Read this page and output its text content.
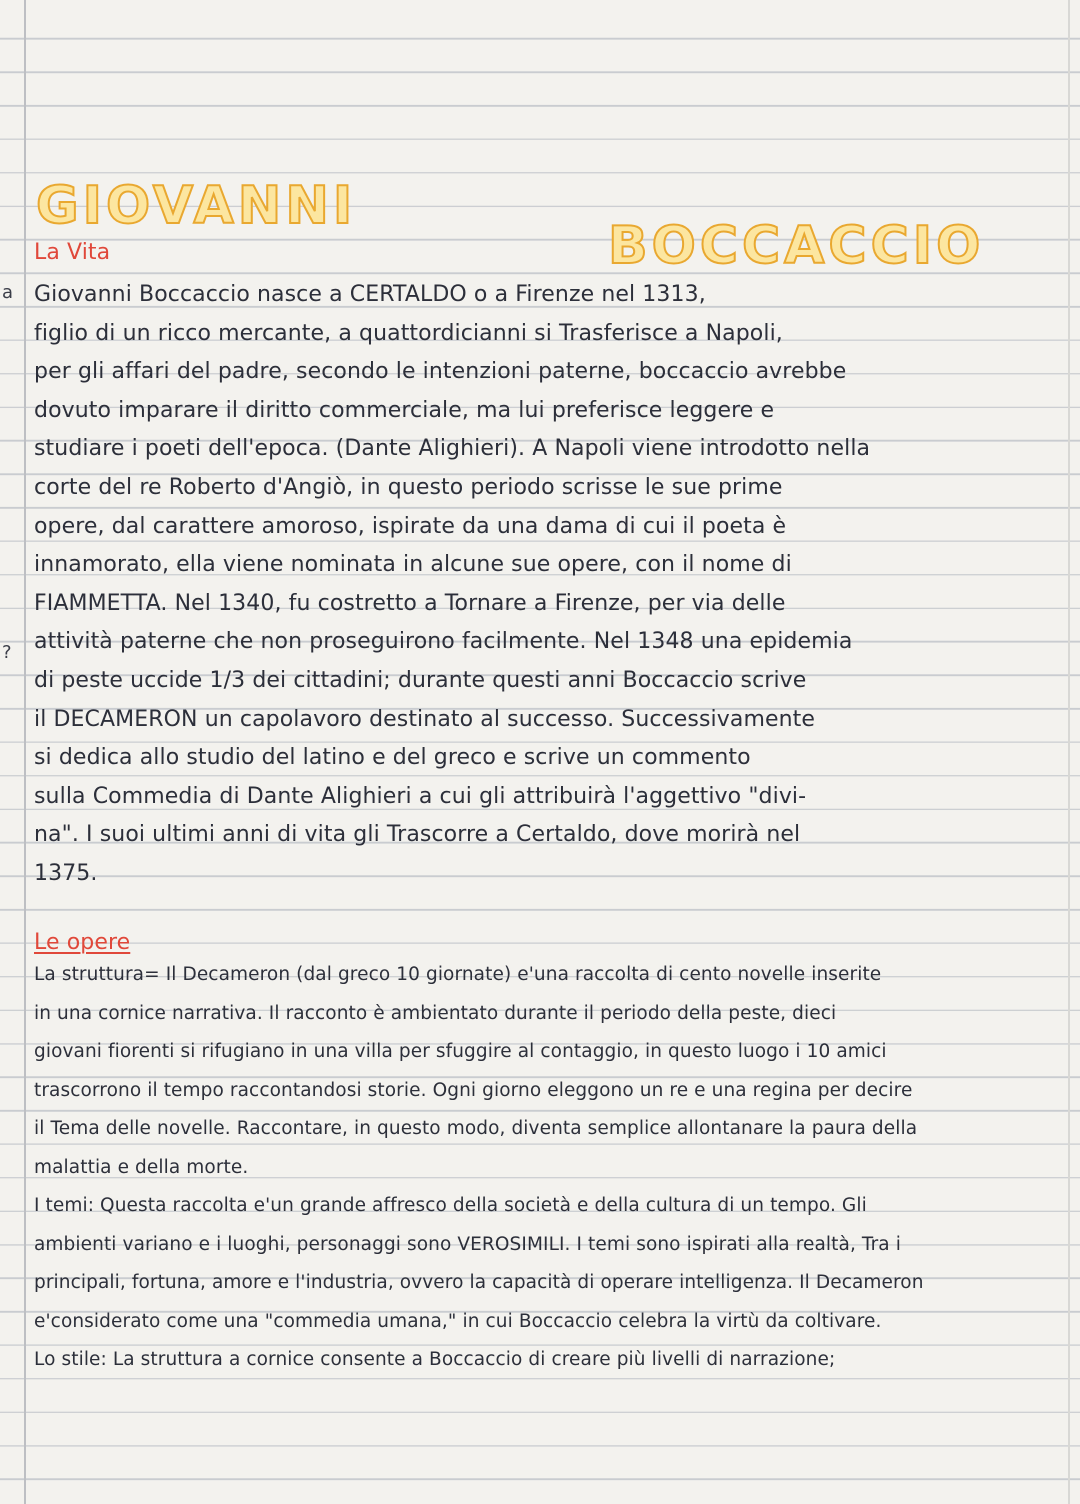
GIOVANNI
BOCCACCIO
La Vita
a
?
Giovanni Boccaccio nasce a CERTALDO o a Firenze nel 1313,
figlio di un ricco mercante, a quattordicianni si Trasferisce a Napoli,
per gli affari del padre, secondo le intenzioni paterne, boccaccio avrebbe
dovuto imparare il diritto commerciale, ma lui preferisce leggere e
studiare i poeti dell'epoca. (Dante Alighieri). A Napoli viene introdotto nella
corte del re Roberto d'Angiò, in questo periodo scrisse le sue prime
opere, dal carattere amoroso, ispirate da una dama di cui il poeta è
innamorato, ella viene nominata in alcune sue opere, con il nome di
FIAMMETTA. Nel 1340, fu costretto a Tornare a Firenze, per via delle
attività paterne che non proseguirono facilmente. Nel 1348 una epidemia
di peste uccide 1/3 dei cittadini; durante questi anni Boccaccio scrive
il DECAMERON un capolavoro destinato al successo. Successivamente
si dedica allo studio del latino e del greco e scrive un commento
sulla Commedia di Dante Alighieri a cui gli attribuirà l'aggettivo "divi-
na". I suoi ultimi anni di vita gli Trascorre a Certaldo, dove morirà nel
1375.
Le opere
La struttura= Il Decameron (dal greco 10 giornate) e'una raccolta di cento novelle inserite
in una cornice narrativa. Il racconto è ambientato durante il periodo della peste, dieci
giovani fiorenti si rifugiano in una villa per sfuggire al contaggio, in questo luogo i 10 amici
trascorrono il tempo raccontandosi storie. Ogni giorno eleggono un re e una regina per decire
il Tema delle novelle. Raccontare, in questo modo, diventa semplice allontanare la paura della
malattia e della morte.
I temi: Questa raccolta e'un grande affresco della società e della cultura di un tempo. Gli
ambienti variano e i luoghi, personaggi sono VEROSIMILI. I temi sono ispirati alla realtà, Tra i
principali, fortuna, amore e l'industria, ovvero la capacità di operare intelligenza. Il Decameron
e'considerato come una "commedia umana," in cui Boccaccio celebra la virtù da coltivare.
Lo stile: La struttura a cornice consente a Boccaccio di creare più livelli di narrazione;
